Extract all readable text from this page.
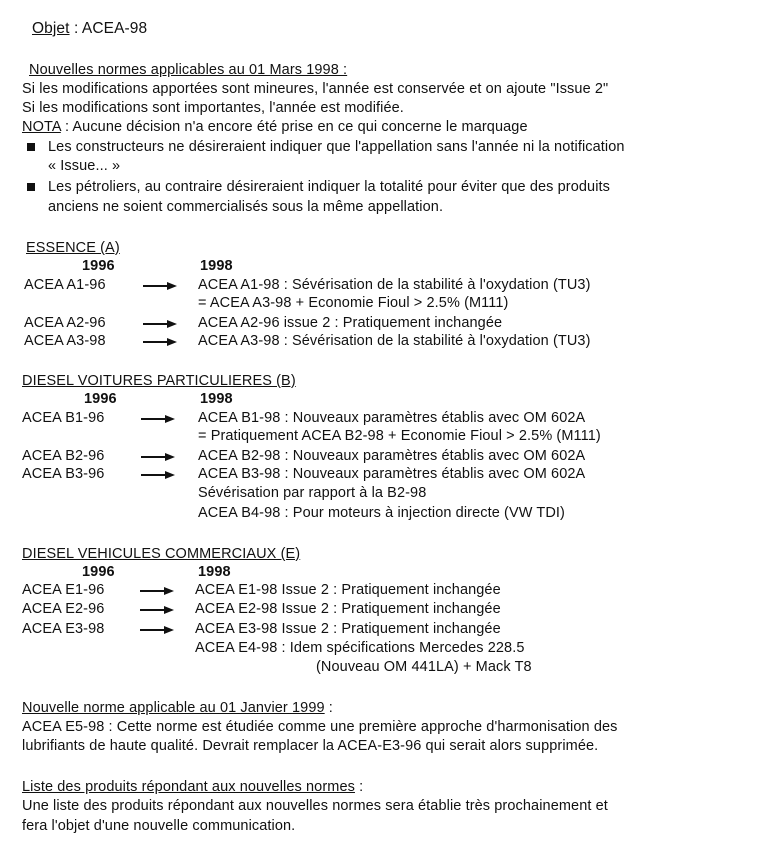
Objet : ACEA-98
Nouvelles normes applicables au 01 Mars 1998 :
Si les modifications apportées sont mineures, l'année est conservée et on ajoute "Issue 2"
Si les modifications sont importantes, l'année est modifiée.
NOTA : Aucune décision n'a encore été prise en ce qui concerne le marquage
Les constructeurs ne désireraient indiquer que l'appellation sans l'année ni la notification
« Issue... »
Les pétroliers, au contraire désireraient indiquer la totalité pour éviter que des produits
anciens ne soient commercialisés sous la même appellation.
ESSENCE (A)
1996	1998
ACEA A1-96	ACEA A1-98 : Sévérisation de la stabilité à l'oxydation (TU3)
= ACEA A3-98 + Economie Fioul > 2.5% (M111)
ACEA A2-96	ACEA A2-96 issue 2 : Pratiquement inchangée
ACEA A3-98	ACEA A3-98 : Sévérisation de la stabilité à l'oxydation (TU3)
DIESEL VOITURES PARTICULIERES (B)
1996	1998
ACEA B1-96	ACEA B1-98 : Nouveaux paramètres établis avec OM 602A
= Pratiquement ACEA B2-98 + Economie Fioul > 2.5% (M111)
ACEA B2-96	ACEA B2-98 : Nouveaux paramètres établis avec OM 602A
ACEA B3-96	ACEA B3-98 : Nouveaux paramètres établis avec OM 602A
Sévérisation par rapport à la B2-98
ACEA B4-98 : Pour moteurs à injection directe (VW TDI)
DIESEL VEHICULES COMMERCIAUX (E)
1996	1998
ACEA E1-96	ACEA E1-98 Issue 2 : Pratiquement inchangée
ACEA E2-96	ACEA E2-98 Issue 2 : Pratiquement inchangée
ACEA E3-98	ACEA E3-98 Issue 2 : Pratiquement inchangée
ACEA E4-98 : Idem spécifications Mercedes 228.5
(Nouveau OM 441LA) + Mack T8
Nouvelle norme applicable au 01 Janvier 1999 :
ACEA E5-98 : Cette norme est étudiée comme une première approche d'harmonisation des
lubrifiants de haute qualité. Devrait remplacer la ACEA-E3-96 qui serait alors supprimée.
Liste des produits répondant aux nouvelles normes :
Une liste des produits répondant aux nouvelles normes sera établie très prochainement et
fera l'objet d'une nouvelle communication.
